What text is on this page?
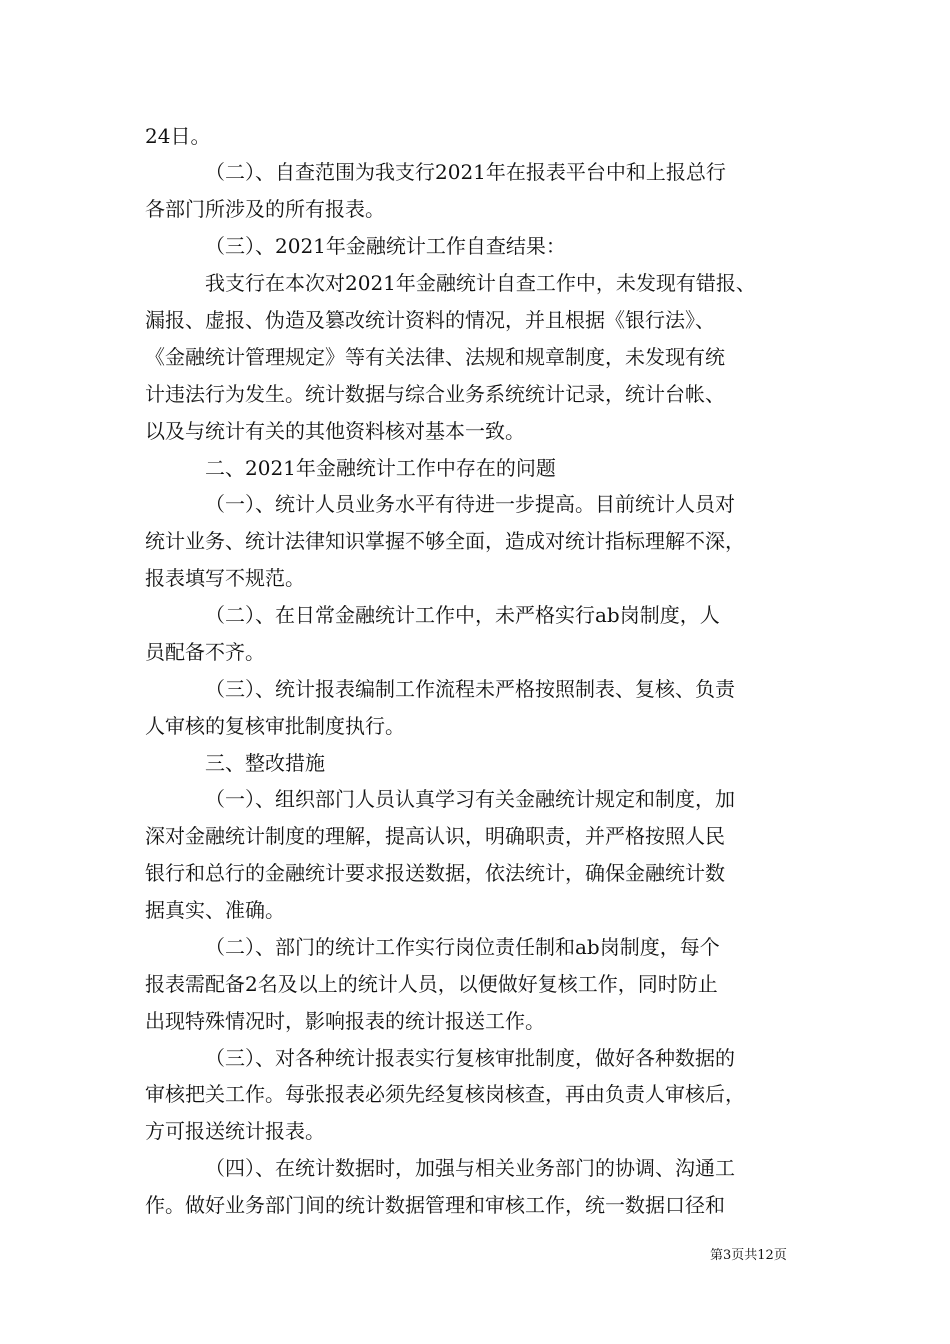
24日。
（二）、自查范围为我支行2021年在报表平台中和上报总行
各部门所涉及的所有报表。
（三）、2021年金融统计工作自查结果：
我支行在本次对2021年金融统计自查工作中，未发现有错报、
漏报、虚报、伪造及篡改统计资料的情况，并且根据《银行法》、
《金融统计管理规定》等有关法律、法规和规章制度，未发现有统
计违法行为发生。统计数据与综合业务系统统计记录，统计台帐、
以及与统计有关的其他资料核对基本一致。
二、2021年金融统计工作中存在的问题
（一）、统计人员业务水平有待进一步提高。目前统计人员对
统计业务、统计法律知识掌握不够全面，造成对统计指标理解不深，
报表填写不规范。
（二）、在日常金融统计工作中，未严格实行ab岗制度，人
员配备不齐。
（三）、统计报表编制工作流程未严格按照制表、复核、负责
人审核的复核审批制度执行。
三、整改措施
（一）、组织部门人员认真学习有关金融统计规定和制度，加
深对金融统计制度的理解，提高认识，明确职责，并严格按照人民
银行和总行的金融统计要求报送数据，依法统计，确保金融统计数
据真实、准确。
（二）、部门的统计工作实行岗位责任制和ab岗制度，每个
报表需配备2名及以上的统计人员，以便做好复核工作，同时防止
出现特殊情况时，影响报表的统计报送工作。
（三）、对各种统计报表实行复核审批制度，做好各种数据的
审核把关工作。每张报表必须先经复核岗核查，再由负责人审核后，
方可报送统计报表。
（四）、在统计数据时，加强与相关业务部门的协调、沟通工
作。做好业务部门间的统计数据管理和审核工作，统一数据口径和
第3页共12页
